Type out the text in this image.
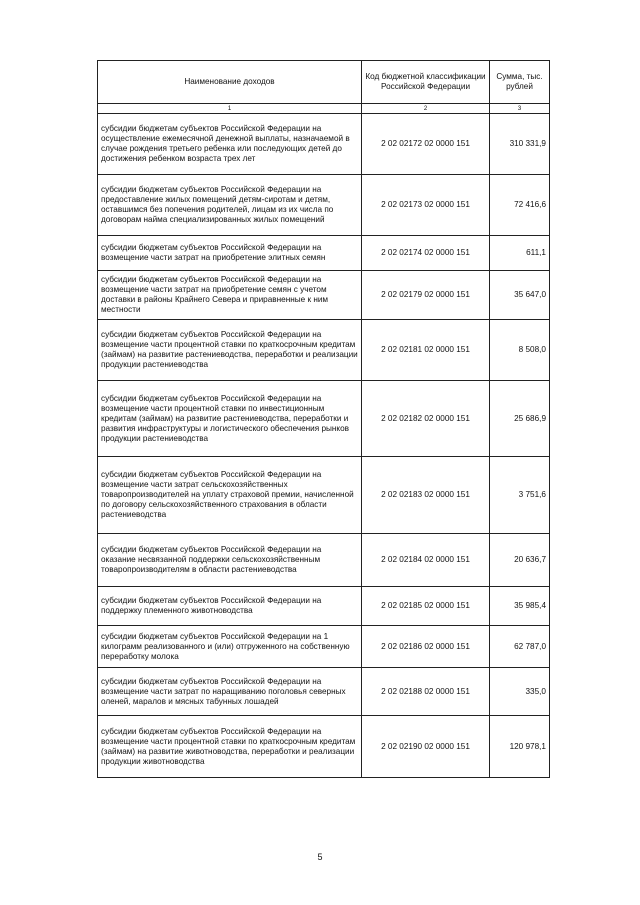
Наименование доходов	Код бюджетной классификации Российской Федерации	Сумма, тыс. рублей
1	2	3
субсидии бюджетам субъектов Российской Федерации на осуществление ежемесячной денежной выплаты, назначаемой в случае рождения третьего ребенка или последующих детей до достижения ребенком возраста трех лет	2 02 02172 02 0000 151	310 331,9
субсидии бюджетам субъектов Российской Федерации на предоставление жилых помещений детям-сиротам и детям, оставшимся без попечения родителей, лицам из их числа по договорам найма специализированных жилых помещений	2 02 02173 02 0000 151	72 416,6
субсидии бюджетам субъектов Российской Федерации на возмещение части затрат на приобретение элитных семян	2 02 02174 02 0000 151	611,1
субсидии бюджетам субъектов Российской Федерации на возмещение части затрат на приобретение семян с учетом доставки в районы Крайнего Севера и приравненные к ним местности	2 02 02179 02 0000 151	35 647,0
субсидии бюджетам субъектов Российской Федерации на возмещение части процентной ставки по краткосрочным кредитам (займам) на развитие растениеводства, переработки и реализации продукции растениеводства	2 02 02181 02 0000 151	8 508,0
субсидии бюджетам субъектов Российской Федерации на возмещение части процентной ставки по инвестиционным кредитам (займам) на развитие растениеводства, переработки и развития инфраструктуры и логистического обеспечения рынков продукции растениеводства	2 02 02182 02 0000 151	25 686,9
субсидии бюджетам субъектов Российской Федерации на возмещение части затрат сельскохозяйственных товаропроизводителей на уплату страховой премии, начисленной по договору сельскохозяйственного страхования в области растениеводства	2 02 02183 02 0000 151	3 751,6
субсидии бюджетам субъектов Российской Федерации на оказание несвязанной поддержки сельскохозяйственным товаропроизводителям в области растениеводства	2 02 02184 02 0000 151	20 636,7
субсидии бюджетам субъектов Российской Федерации на поддержку племенного животноводства	2 02 02185 02 0000 151	35 985,4
субсидии бюджетам субъектов Российской Федерации на 1 килограмм реализованного и (или) отгруженного на собственную переработку молока	2 02 02186 02 0000 151	62 787,0
субсидии бюджетам субъектов Российской Федерации на возмещение части затрат по наращиванию поголовья северных оленей, маралов и мясных табунных лошадей	2 02 02188 02 0000 151	335,0
субсидии бюджетам субъектов Российской Федерации на возмещение части процентной ставки по краткосрочным кредитам (займам) на развитие животноводства, переработки и реализации продукции животноводства	2 02 02190 02 0000 151	120 978,1
5
